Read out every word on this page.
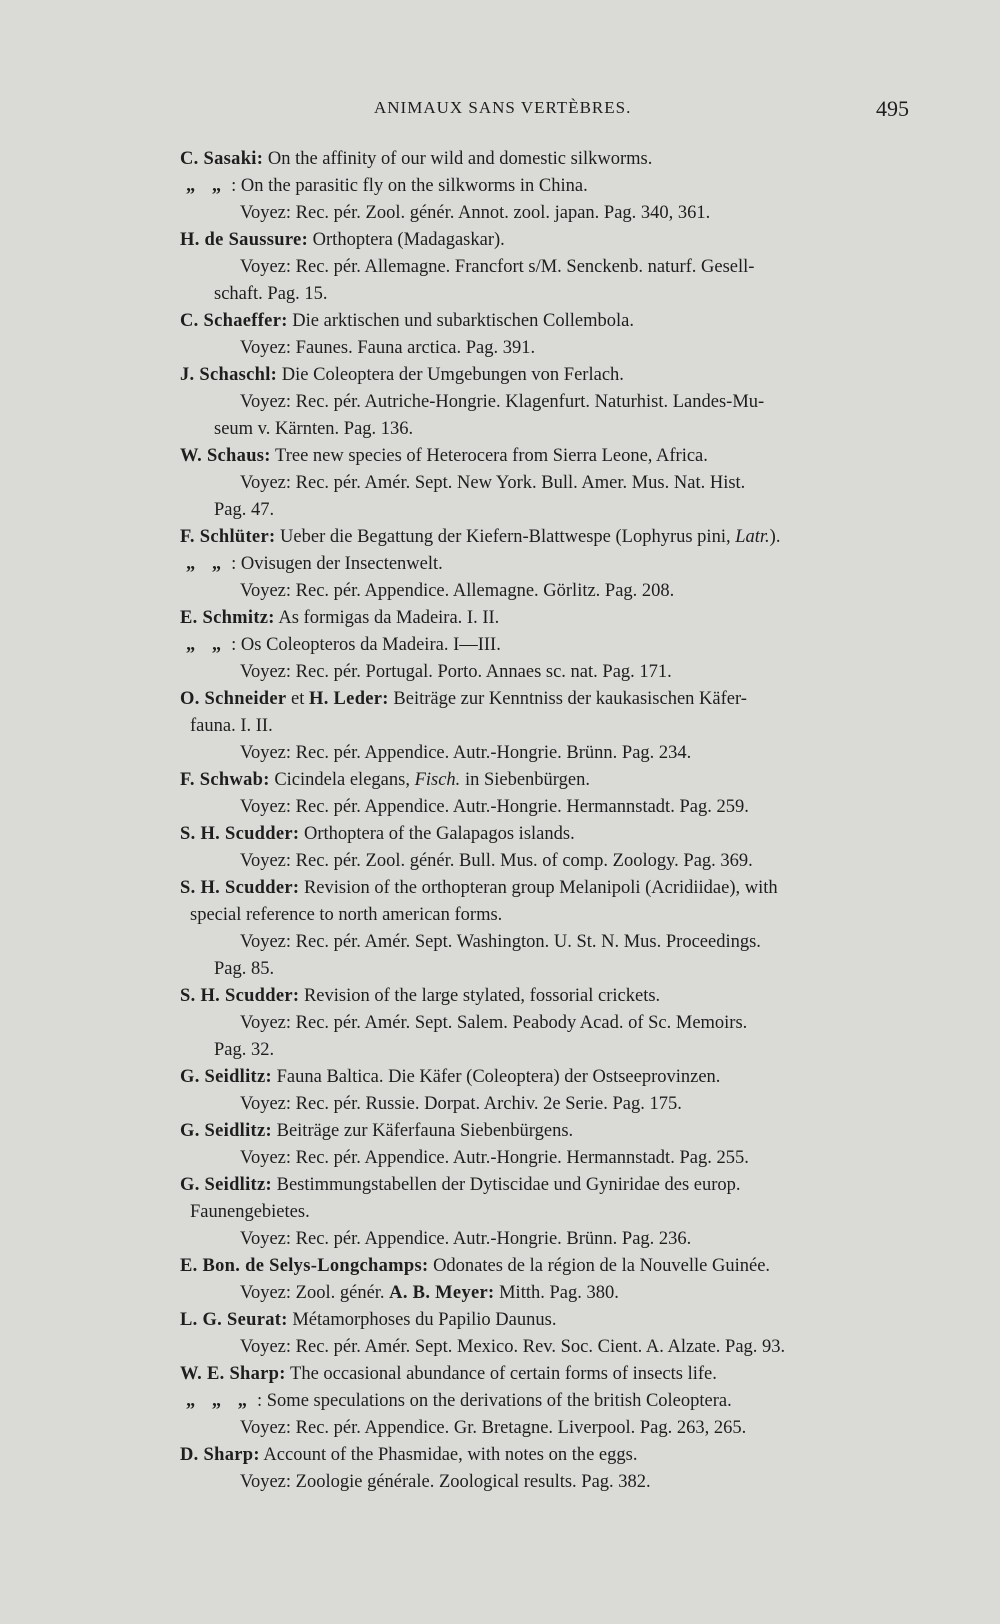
ANIMAUX SANS VERTÈBRES.	495
C. Sasaki: On the affinity of our wild and domestic silkworms.
„ „ : On the parasitic fly on the silkworms in China.
Voyez: Rec. pér. Zool. génér. Annot. zool. japan. Pag. 340, 361.
H. de Saussure: Orthoptera (Madagaskar).
Voyez: Rec. pér. Allemagne. Francfort s/M. Senckenb. naturf. Gesell-
schaft. Pag. 15.
C. Schaeffer: Die arktischen und subarktischen Collembola.
Voyez: Faunes. Fauna arctica. Pag. 391.
J. Schaschl: Die Coleoptera der Umgebungen von Ferlach.
Voyez: Rec. pér. Autriche-Hongrie. Klagenfurt. Naturhist. Landes-Mu-
seum v. Kärnten. Pag. 136.
W. Schaus: Tree new species of Heterocera from Sierra Leone, Africa.
Voyez: Rec. pér. Amér. Sept. New York. Bull. Amer. Mus. Nat. Hist.
Pag. 47.
F. Schlüter: Ueber die Begattung der Kiefern-Blattwespe (Lophyrus pini, Latr.).
„ „ : Ovisugen der Insectenwelt.
Voyez: Rec. pér. Appendice. Allemagne. Görlitz. Pag. 208.
E. Schmitz: As formigas da Madeira. I. II.
„ „ : Os Coleopteros da Madeira. I—III.
Voyez: Rec. pér. Portugal. Porto. Annaes sc. nat. Pag. 171.
O. Schneider et H. Leder: Beiträge zur Kenntniss der kaukasischen Käfer-
fauna. I. II.
Voyez: Rec. pér. Appendice. Autr.-Hongrie. Brünn. Pag. 234.
F. Schwab: Cicindela elegans, Fisch. in Siebenbürgen.
Voyez: Rec. pér. Appendice. Autr.-Hongrie. Hermannstadt. Pag. 259.
S. H. Scudder: Orthoptera of the Galapagos islands.
Voyez: Rec. pér. Zool. génér. Bull. Mus. of comp. Zoology. Pag. 369.
S. H. Scudder: Revision of the orthopteran group Melanipoli (Acridiidae), with
special reference to north american forms.
Voyez: Rec. pér. Amér. Sept. Washington. U. St. N. Mus. Proceedings.
Pag. 85.
S. H. Scudder: Revision of the large stylated, fossorial crickets.
Voyez: Rec. pér. Amér. Sept. Salem. Peabody Acad. of Sc. Memoirs.
Pag. 32.
G. Seidlitz: Fauna Baltica. Die Käfer (Coleoptera) der Ostseeprovinzen.
Voyez: Rec. pér. Russie. Dorpat. Archiv. 2e Serie. Pag. 175.
G. Seidlitz: Beiträge zur Käferfauna Siebenbürgens.
Voyez: Rec. pér. Appendice. Autr.-Hongrie. Hermannstadt. Pag. 255.
G. Seidlitz: Bestimmungstabellen der Dytiscidae und Gyniridae des europ.
Faunengebietes.
Voyez: Rec. pér. Appendice. Autr.-Hongrie. Brünn. Pag. 236.
E. Bon. de Selys-Longchamps: Odonates de la région de la Nouvelle Guinée.
Voyez: Zool. génér. A. B. Meyer: Mitth. Pag. 380.
L. G. Seurat: Métamorphoses du Papilio Daunus.
Voyez: Rec. pér. Amér. Sept. Mexico. Rev. Soc. Cient. A. Alzate. Pag. 93.
W. E. Sharp: The occasional abundance of certain forms of insects life.
„ „ „ : Some speculations on the derivations of the british Coleoptera.
Voyez: Rec. pér. Appendice. Gr. Bretagne. Liverpool. Pag. 263, 265.
D. Sharp: Account of the Phasmidae, with notes on the eggs.
Voyez: Zoologie générale. Zoological results. Pag. 382.
